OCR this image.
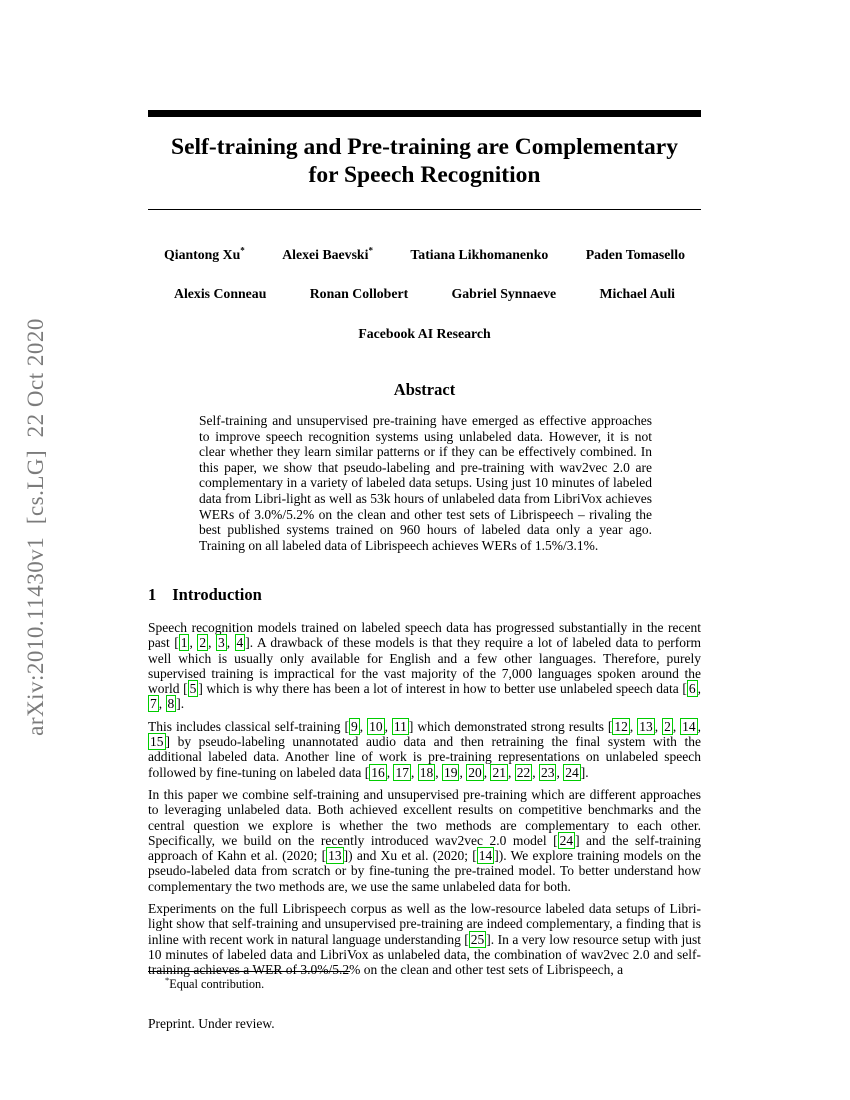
arXiv:2010.11430v1  [cs.LG]  22 Oct 2020
Self-training and Pre-training are Complementary
for Speech Recognition
Qiantong Xu*	Alexei Baevski*	Tatiana Likhomanenko	Paden Tomasello
Alexis Conneau	Ronan Collobert	Gabriel Synnaeve	Michael Auli
Facebook AI Research
Abstract
Self-training and unsupervised pre-training have emerged as effective approaches to improve speech recognition systems using unlabeled data. However, it is not clear whether they learn similar patterns or if they can be effectively combined. In this paper, we show that pseudo-labeling and pre-training with wav2vec 2.0 are complementary in a variety of labeled data setups. Using just 10 minutes of labeled data from Libri-light as well as 53k hours of unlabeled data from LibriVox achieves WERs of 3.0%/5.2% on the clean and other test sets of Librispeech – rivaling the best published systems trained on 960 hours of labeled data only a year ago. Training on all labeled data of Librispeech achieves WERs of 1.5%/3.1%.
1 Introduction

Speech recognition models trained on labeled speech data has progressed substantially in the recent past [ 1 , 2 , 3 , 4 ]. A drawback of these models is that they require a lot of labeled data to perform well which is usually only available for English and a few other languages. Therefore, purely supervised training is impractical for the vast majority of the 7,000 languages spoken around the world [ 5 ] which is why there has been a lot of interest in how to better use unlabeled speech data [ 6 , 7 , 8 ].

This includes classical self-training [ 9 , 10 , 11 ] which demonstrated strong results [ 12 , 13 , 2 , 14 , 15 ] by pseudo-labeling unannotated audio data and then retraining the final system with the additional labeled data. Another line of work is pre-training representations on unlabeled speech followed by fine-tuning on labeled data [ 16 , 17 , 18 , 19 , 20 , 21 , 22 , 23 , 24 ].

In this paper we combine self-training and unsupervised pre-training which are different approaches to leveraging unlabeled data. Both achieved excellent results on competitive benchmarks and the central question we explore is whether the two methods are complementary to each other. Specifically, we build on the recently introduced wav2vec 2.0 model [ 24 ] and the self-training approach of Kahn et al. (2020; [ 13 ]) and Xu et al. (2020; [ 14 ]). We explore training models on the pseudo-labeled data from scratch or by fine-tuning the pre-trained model. To better understand how complementary the two methods are, we use the same unlabeled data for both.

Experiments on the full Librispeech corpus as well as the low-resource labeled data setups of Libri-light show that self-training and unsupervised pre-training are indeed complementary, a finding that is inline with recent work in natural language understanding [ 25 ]. In a very low resource setup with just 10 minutes of labeled data and LibriVox as unlabeled data, the combination of wav2vec 2.0 and self-training achieves a WER of 3.0%/5.2% on the clean and other test sets of Librispeech, a

*Equal contribution.
Preprint. Under review.
